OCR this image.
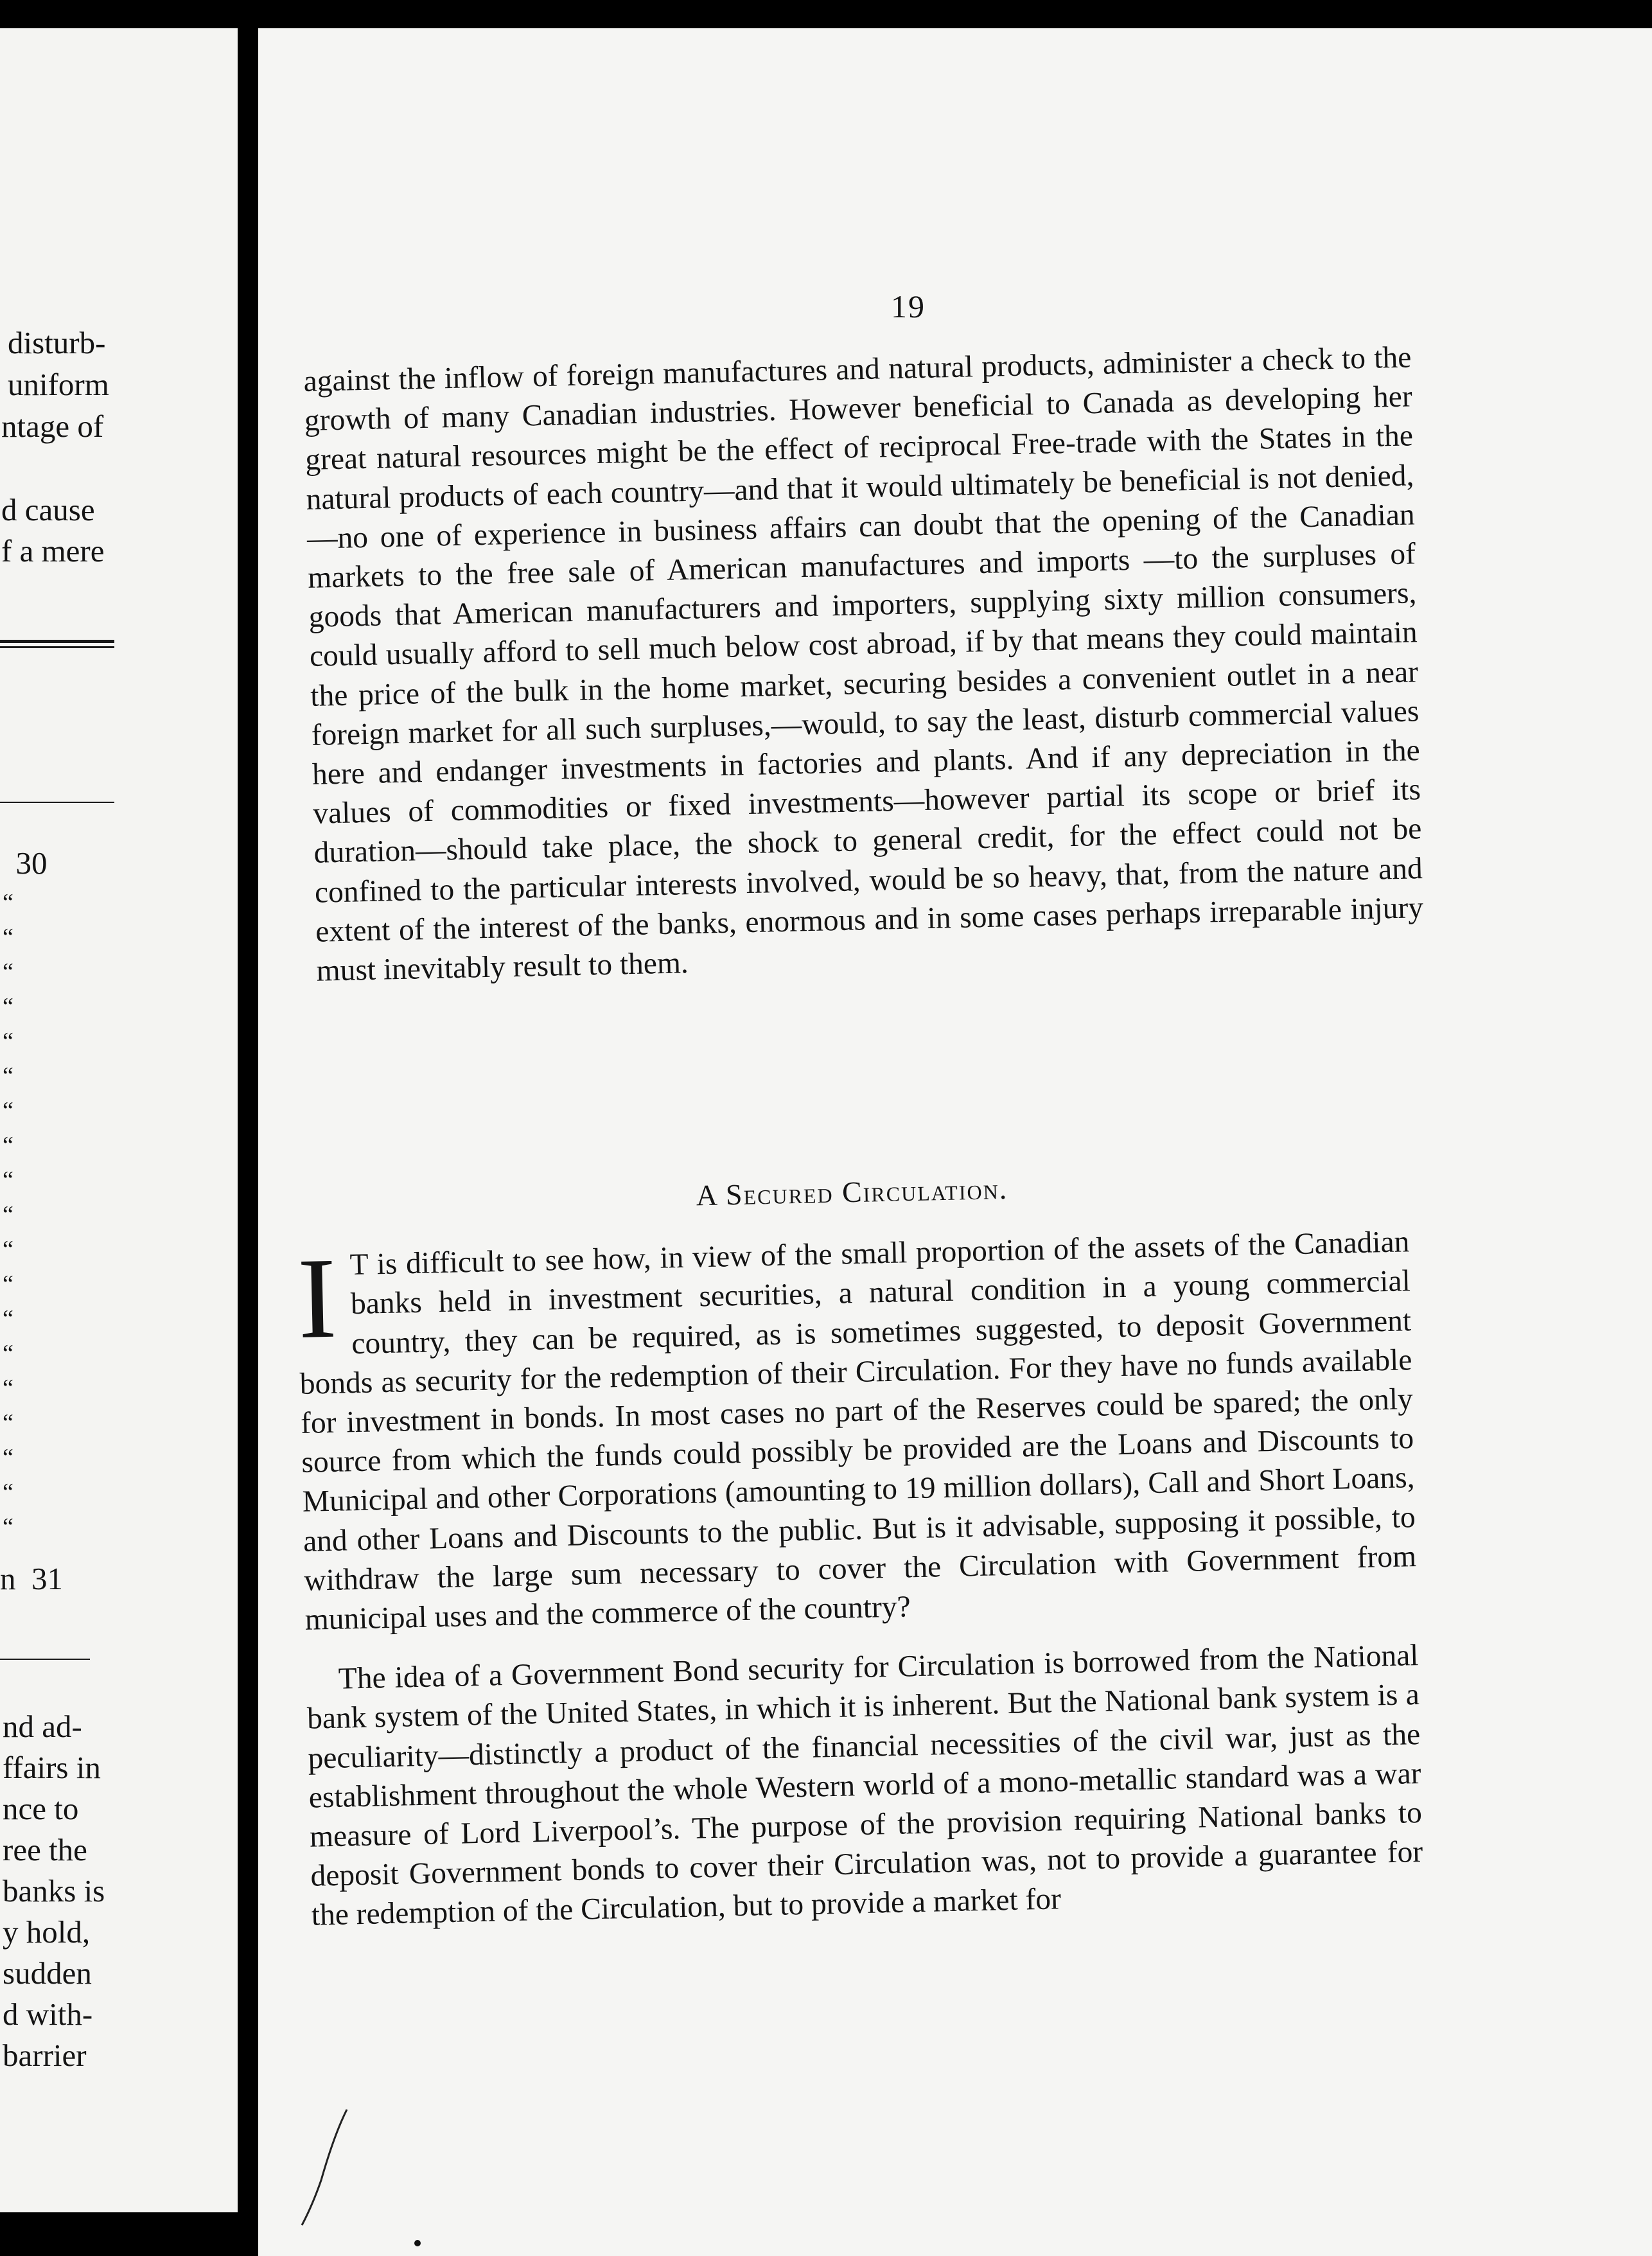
disturb-
uniform
ntage of
d cause
f a mere
30
“
“
“
“
“
“
“
“
“
“
“
“
“
“
“
“
“
“
“
n  31
nd ad-
ffairs in
nce to
ree the
banks is
y hold,
sudden
d with-
barrier
19

against the inflow of foreign manufactures and natural products, administer a check to the growth of many Canadian industries. However beneficial to Canada as developing her great natural resources might be the effect of reciprocal Free-trade with the States in the natural products of each country—and that it would ultimately be beneficial is not denied,—no one of experience in business affairs can doubt that the opening of the Canadian markets to the free sale of American manufactures and imports —to the surpluses of goods that American manufacturers and importers, supplying sixty million consumers, could usually afford to sell much below cost abroad, if by that means they could maintain the price of the bulk in the home market, securing besides a convenient outlet in a near foreign market for all such surpluses,—would, to say the least, disturb commercial values here and endanger investments in factories and plants. And if any depreciation in the values of commodities or fixed investments—however partial its scope or brief its duration—should take place, the shock to general credit, for the effect could not be confined to the particular interests involved, would be so heavy, that, from the nature and extent of the interest of the banks, enormous and in some cases perhaps irreparable injury must inevitably result to them.

A Secured Circulation.

I T is difficult to see how, in view of the small proportion of the assets of the Canadian banks held in investment securities, a natural condition in a young commercial country, they can be required, as is sometimes suggested, to deposit Government bonds as security for the redemption of their Circulation. For they have no funds available for investment in bonds. In most cases no part of the Reserves could be spared; the only source from which the funds could possibly be provided are the Loans and Discounts to Municipal and other Corporations (amounting to 19 million dollars), Call and Short Loans, and other Loans and Discounts to the public. But is it advisable, supposing it possible, to withdraw the large sum necessary to cover the Circulation with Government from municipal uses and the commerce of the country?

The idea of a Government Bond security for Circulation is borrowed from the National bank system of the United States, in which it is inherent. But the National bank system is a peculiarity—distinctly a product of the financial necessities of the civil war, just as the establishment throughout the whole Western world of a mono-metallic standard was a war measure of Lord Liverpool’s. The purpose of the provision requiring National banks to deposit Government bonds to cover their Circulation was, not to provide a guarantee for the redemption of the Circulation, but to provide a market for
